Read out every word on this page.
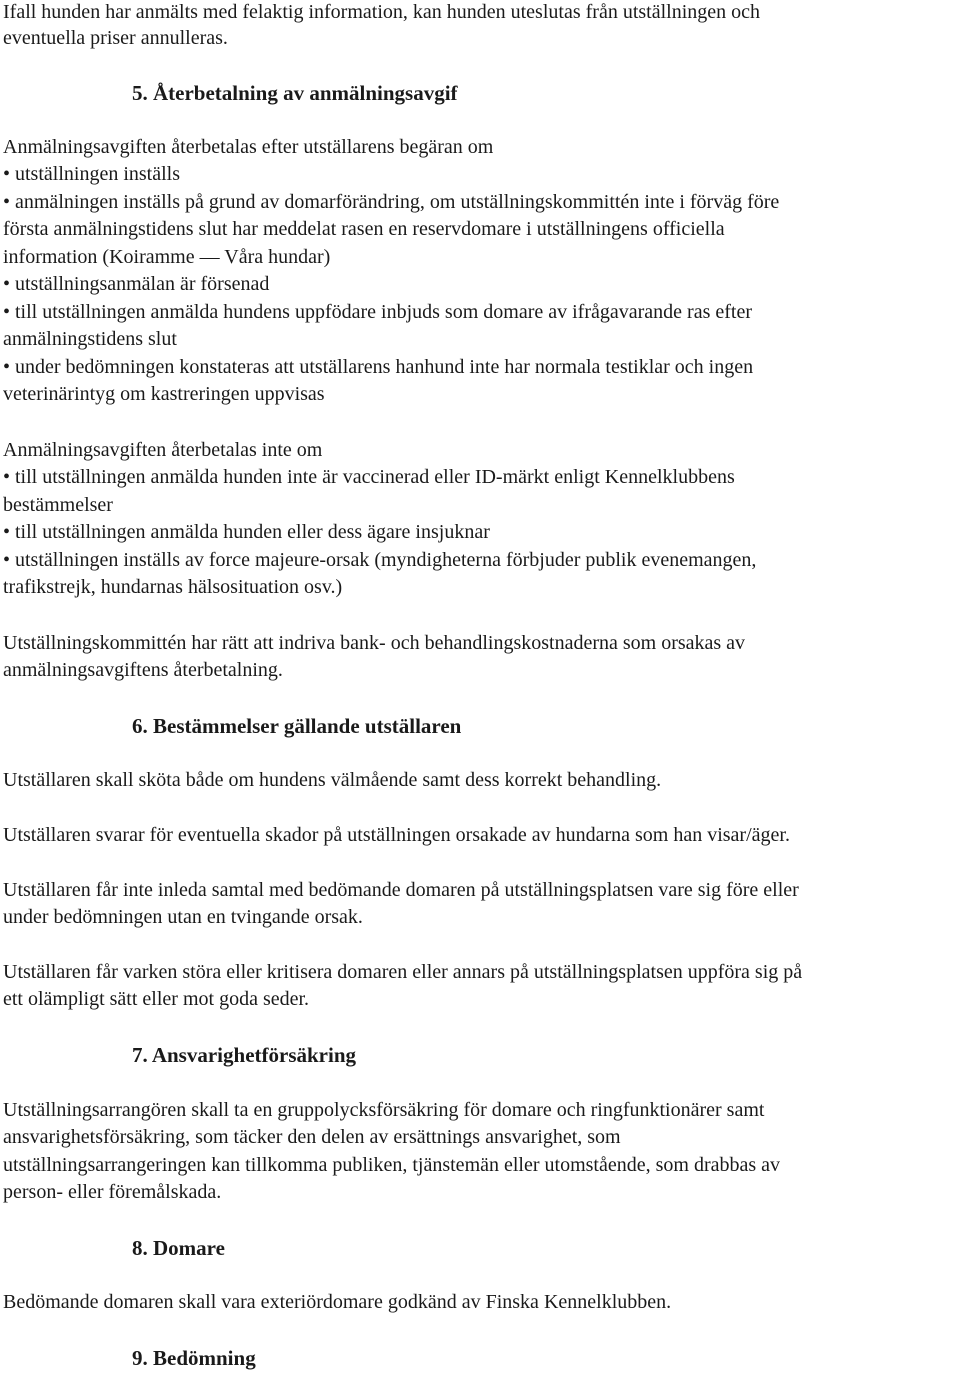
Ifall hunden har anmälts med felaktig information, kan hunden uteslutas från utställningen och
eventuella priser annulleras.
5. Återbetalning av anmälningsavgif
Anmälningsavgiften återbetalas efter utställarens begäran om
• utställningen inställs
• anmälningen inställs på grund av domarförändring, om utställningskommittén inte i förväg före
första anmälningstidens slut har meddelat rasen en reservdomare i utställningens officiella
information (Koiramme — Våra hundar)
• utställningsanmälan är försenad
• till utställningen anmälda hundens uppfödare inbjuds som domare av ifrågavarande ras efter
anmälningstidens slut
• under bedömningen konstateras att utställarens hanhund inte har normala testiklar och ingen
veterinärintyg om kastreringen uppvisas
Anmälningsavgiften återbetalas inte om
• till utställningen anmälda hunden inte är vaccinerad eller ID-märkt enligt Kennelklubbens
bestämmelser
• till utställningen anmälda hunden eller dess ägare insjuknar
• utställningen inställs av force majeure-orsak (myndigheterna förbjuder publik evenemangen,
trafikstrejk, hundarnas hälsosituation osv.)
Utställningskommittén har rätt att indriva bank- och behandlingskostnaderna som orsakas av
anmälningsavgiftens återbetalning.
6. Bestämmelser gällande utställaren
Utställaren skall sköta både om hundens välmående samt dess korrekt behandling.
Utställaren svarar för eventuella skador på utställningen orsakade av hundarna som han visar/äger.
Utställaren får inte inleda samtal med bedömande domaren på utställningsplatsen vare sig före eller
under bedömningen utan en tvingande orsak.
Utställaren får varken störa eller kritisera domaren eller annars på utställningsplatsen uppföra sig på
ett olämpligt sätt eller mot goda seder.
7. Ansvarighetförsäkring
Utställningsarrangören skall ta en gruppolycksförsäkring för domare och ringfunktionärer samt
ansvarighetsförsäkring, som täcker den delen av ersättnings ansvarighet, som
utställningsarrangeringen kan tillkomma publiken, tjänstemän eller utomstående, som drabbas av
person- eller föremålskada.
8. Domare
Bedömande domaren skall vara exteriördomare godkänd av Finska Kennelklubben.
9. Bedömning
